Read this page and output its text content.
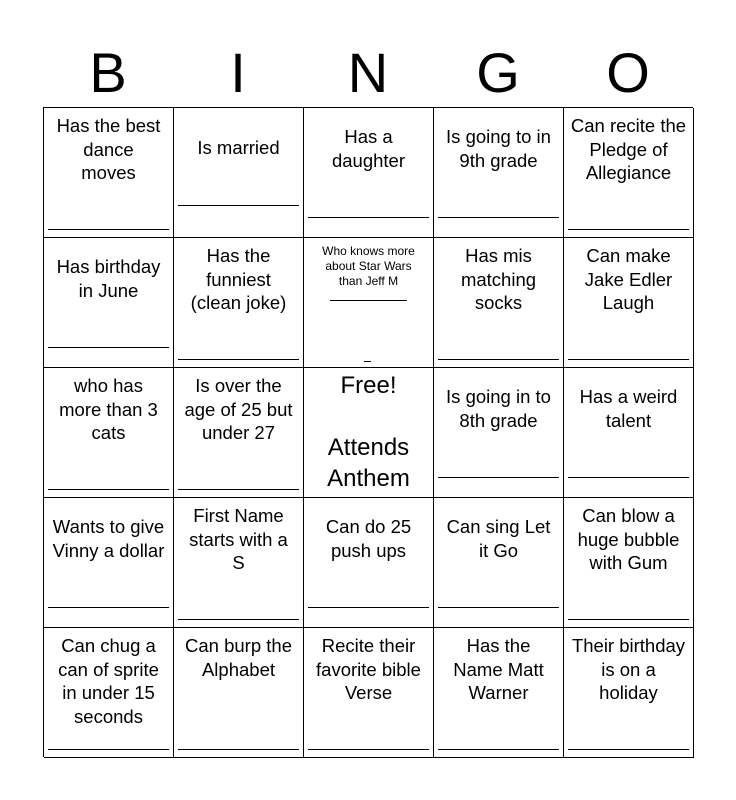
B	I	N	G	O
Has the best
dance
moves
Is married
Has a
daughter
Is going to in
9th grade
Can recite the
Pledge of
Allegiance
Has birthday
in June
Has the
funniest
(clean joke)
Who knows more
about Star Wars
than Jeff M
Has mis
matching
socks
Can make
Jake Edler
Laugh
who has
more than 3
cats
Is over the
age of 25 but
under 27
Free!

Attends
Anthem
Is going in to
8th grade
Has a weird
talent
Wants to give
Vinny a dollar
First Name
starts with a
S
Can do 25
push ups
Can sing Let
it Go
Can blow a
huge bubble
with Gum
Can chug a
can of sprite
in under 15
seconds
Can burp the
Alphabet
Recite their
favorite bible
Verse
Has the
Name Matt
Warner
Their birthday
is on a
holiday
